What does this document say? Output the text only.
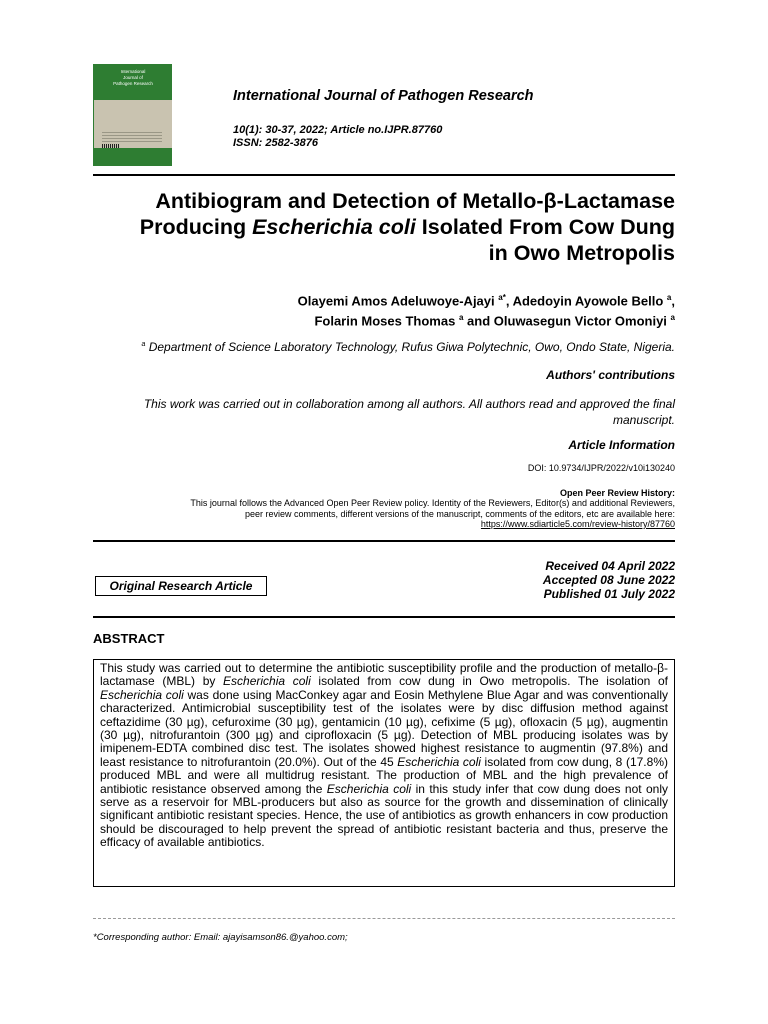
International
Journal of
Pathogen Research
International Journal of Pathogen Research
10(1): 30-37, 2022; Article no.IJPR.87760
ISSN: 2582-3876
Antibiogram and Detection of Metallo-β-Lactamase
Producing Escherichia coli Isolated From Cow Dung
in Owo Metropolis
Olayemi Amos Adeluwoye-Ajayi $^{a*}$, Adedoyin Ayowole Bello $^a$,
Folarin Moses Thomas $^a$ and Oluwasegun Victor Omoniyi $^a$
$^a$ Department of Science Laboratory Technology, Rufus Giwa Polytechnic, Owo, Ondo State, Nigeria.
Authors' contributions
This work was carried out in collaboration among all authors. All authors read and approved the final
manuscript.
Article Information
DOI: 10.9734/IJPR/2022/v10i130240
Open Peer Review History:
This journal follows the Advanced Open Peer Review policy. Identity of the Reviewers, Editor(s) and additional Reviewers,
peer review comments, different versions of the manuscript, comments of the editors, etc are available here:
https://www.sdiarticle5.com/review-history/87760
Received 04 April 2022
Accepted 08 June 2022
Published 01 July 2022
Original Research Article
ABSTRACT
This study was carried out to determine the antibiotic susceptibility profile and the production of metallo-β-lactamase (MBL) by Escherichia coli isolated from cow dung in Owo metropolis. The isolation of Escherichia coli was done using MacConkey agar and Eosin Methylene Blue Agar and was conventionally characterized. Antimicrobial susceptibility test of the isolates were by disc diffusion method against ceftazidime (30 µg), cefuroxime (30 µg), gentamicin (10 µg), cefixime (5 µg), ofloxacin (5 µg), augmentin (30 µg), nitrofurantoin (300 µg) and ciprofloxacin (5 µg). Detection of MBL producing isolates was by imipenem-EDTA combined disc test. The isolates showed highest resistance to augmentin (97.8%) and least resistance to nitrofurantoin (20.0%). Out of the 45 Escherichia coli isolated from cow dung, 8 (17.8%) produced MBL and were all multidrug resistant. The production of MBL and the high prevalence of antibiotic resistance observed among the Escherichia coli in this study infer that cow dung does not only serve as a reservoir for MBL-producers but also as source for the growth and dissemination of clinically significant antibiotic resistant species. Hence, the use of antibiotics as growth enhancers in cow production should be discouraged to help prevent the spread of antibiotic resistant bacteria and thus, preserve the efficacy of available antibiotics.
*Corresponding author: Email: ajayisamson86.@yahoo.com;
